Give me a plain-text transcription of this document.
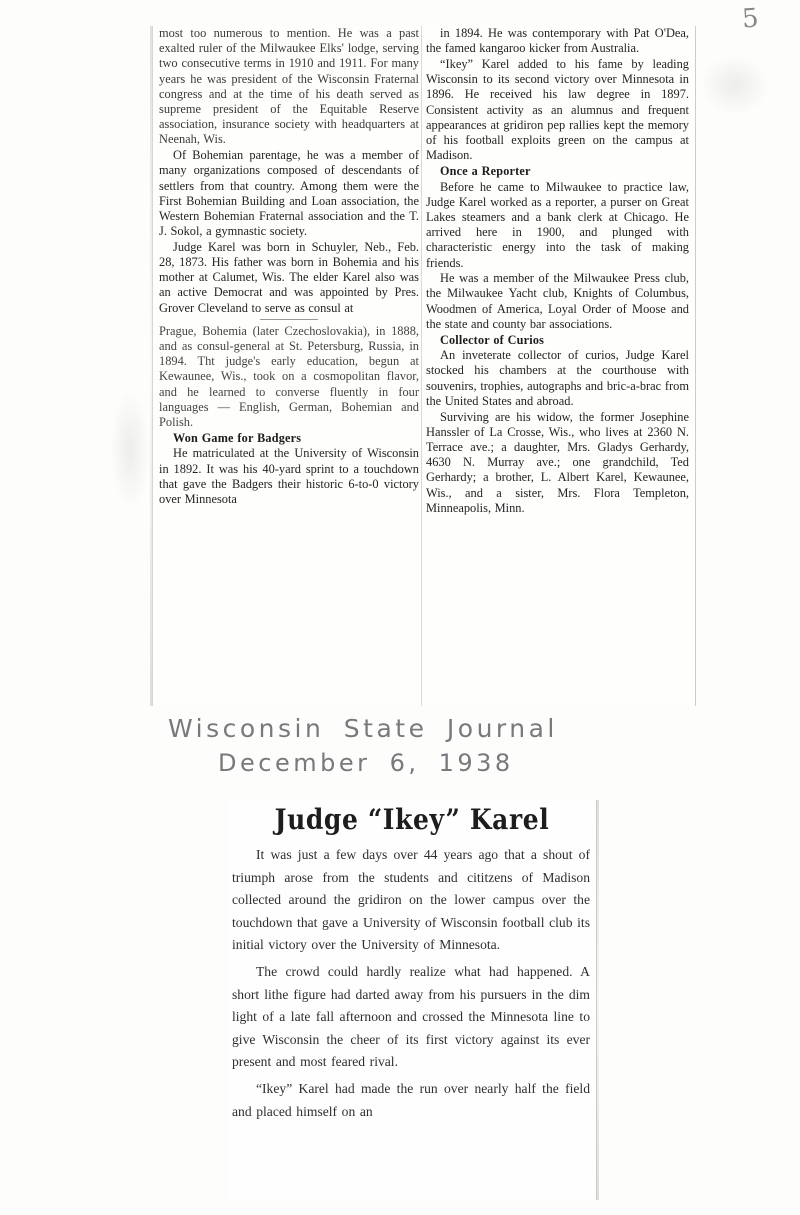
5

most too numerous to mention. He was a past exalted ruler of the Milwaukee Elks' lodge, serving two consecutive terms in 1910 and 1911. For many years he was president of the Wisconsin Fraternal congress and at the time of his death served as supreme president of the Equitable Reserve association, insurance society with headquarters at Neenah, Wis.

Of Bohemian parentage, he was a member of many organizations composed of descendants of settlers from that country. Among them were the First Bohemian Building and Loan association, the Western Bohemian Fraternal association and the T. J. Sokol, a gymnastic society.

Judge Karel was born in Schuyler, Neb., Feb. 28, 1873. His father was born in Bohemia and his mother at Calumet, Wis. The elder Karel also was an active Democrat and was appointed by Pres. Grover Cleveland to serve as consul at

Prague, Bohemia (later Czechoslovakia), in 1888, and as consul-general at St. Petersburg, Russia, in 1894. Tht judge's early education, begun at Kewaunee, Wis., took on a cosmopolitan flavor, and he learned to converse fluently in four languages — English, German, Bohemian and Polish.

Won Game for Badgers

He matriculated at the University of Wisconsin in 1892. It was his 40-yard sprint to a touchdown that gave the Badgers their historic 6-to-0 victory over Minnesota

in 1894. He was contemporary with Pat O'Dea, the famed kangaroo kicker from Australia.

“Ikey” Karel added to his fame by leading Wisconsin to its second victory over Minnesota in 1896. He received his law degree in 1897. Consistent activity as an alumnus and frequent appearances at gridiron pep rallies kept the memory of his football exploits green on the campus at Madison.

Once a Reporter

Before he came to Milwaukee to practice law, Judge Karel worked as a reporter, a purser on Great Lakes steamers and a bank clerk at Chicago. He arrived here in 1900, and plunged with characteristic energy into the task of making friends.

He was a member of the Milwaukee Press club, the Milwaukee Yacht club, Knights of Columbus, Woodmen of America, Loyal Order of Moose and the state and county bar associations.

Collector of Curios

An inveterate collector of curios, Judge Karel stocked his chambers at the courthouse with souvenirs, trophies, autographs and bric-a-brac from the United States and abroad.

Surviving are his widow, the former Josephine Hanssler of La Crosse, Wis., who lives at 2360 N. Terrace ave.; a daughter, Mrs. Gladys Gerhardy, 4630 N. Murray ave.; one grandchild, Ted Gerhardy; a brother, L. Albert Karel, Kewaunee, Wis., and a sister, Mrs. Flora Templeton, Minneapolis, Minn.

Wisconsin State Journal
December 6, 1938
Judge “Ikey” Karel

It was just a few days over 44 years ago that a shout of triumph arose from the students and cititzens of Madison collected around the gridiron on the lower campus over the touchdown that gave a University of Wisconsin football club its initial victory over the University of Minnesota.

The crowd could hardly realize what had happened. A short lithe figure had darted away from his pursuers in the dim light of a late fall afternoon and crossed the Minnesota line to give Wisconsin the cheer of its first victory against its ever present and most feared rival.

“Ikey” Karel had made the run over nearly half the field and placed himself on an
